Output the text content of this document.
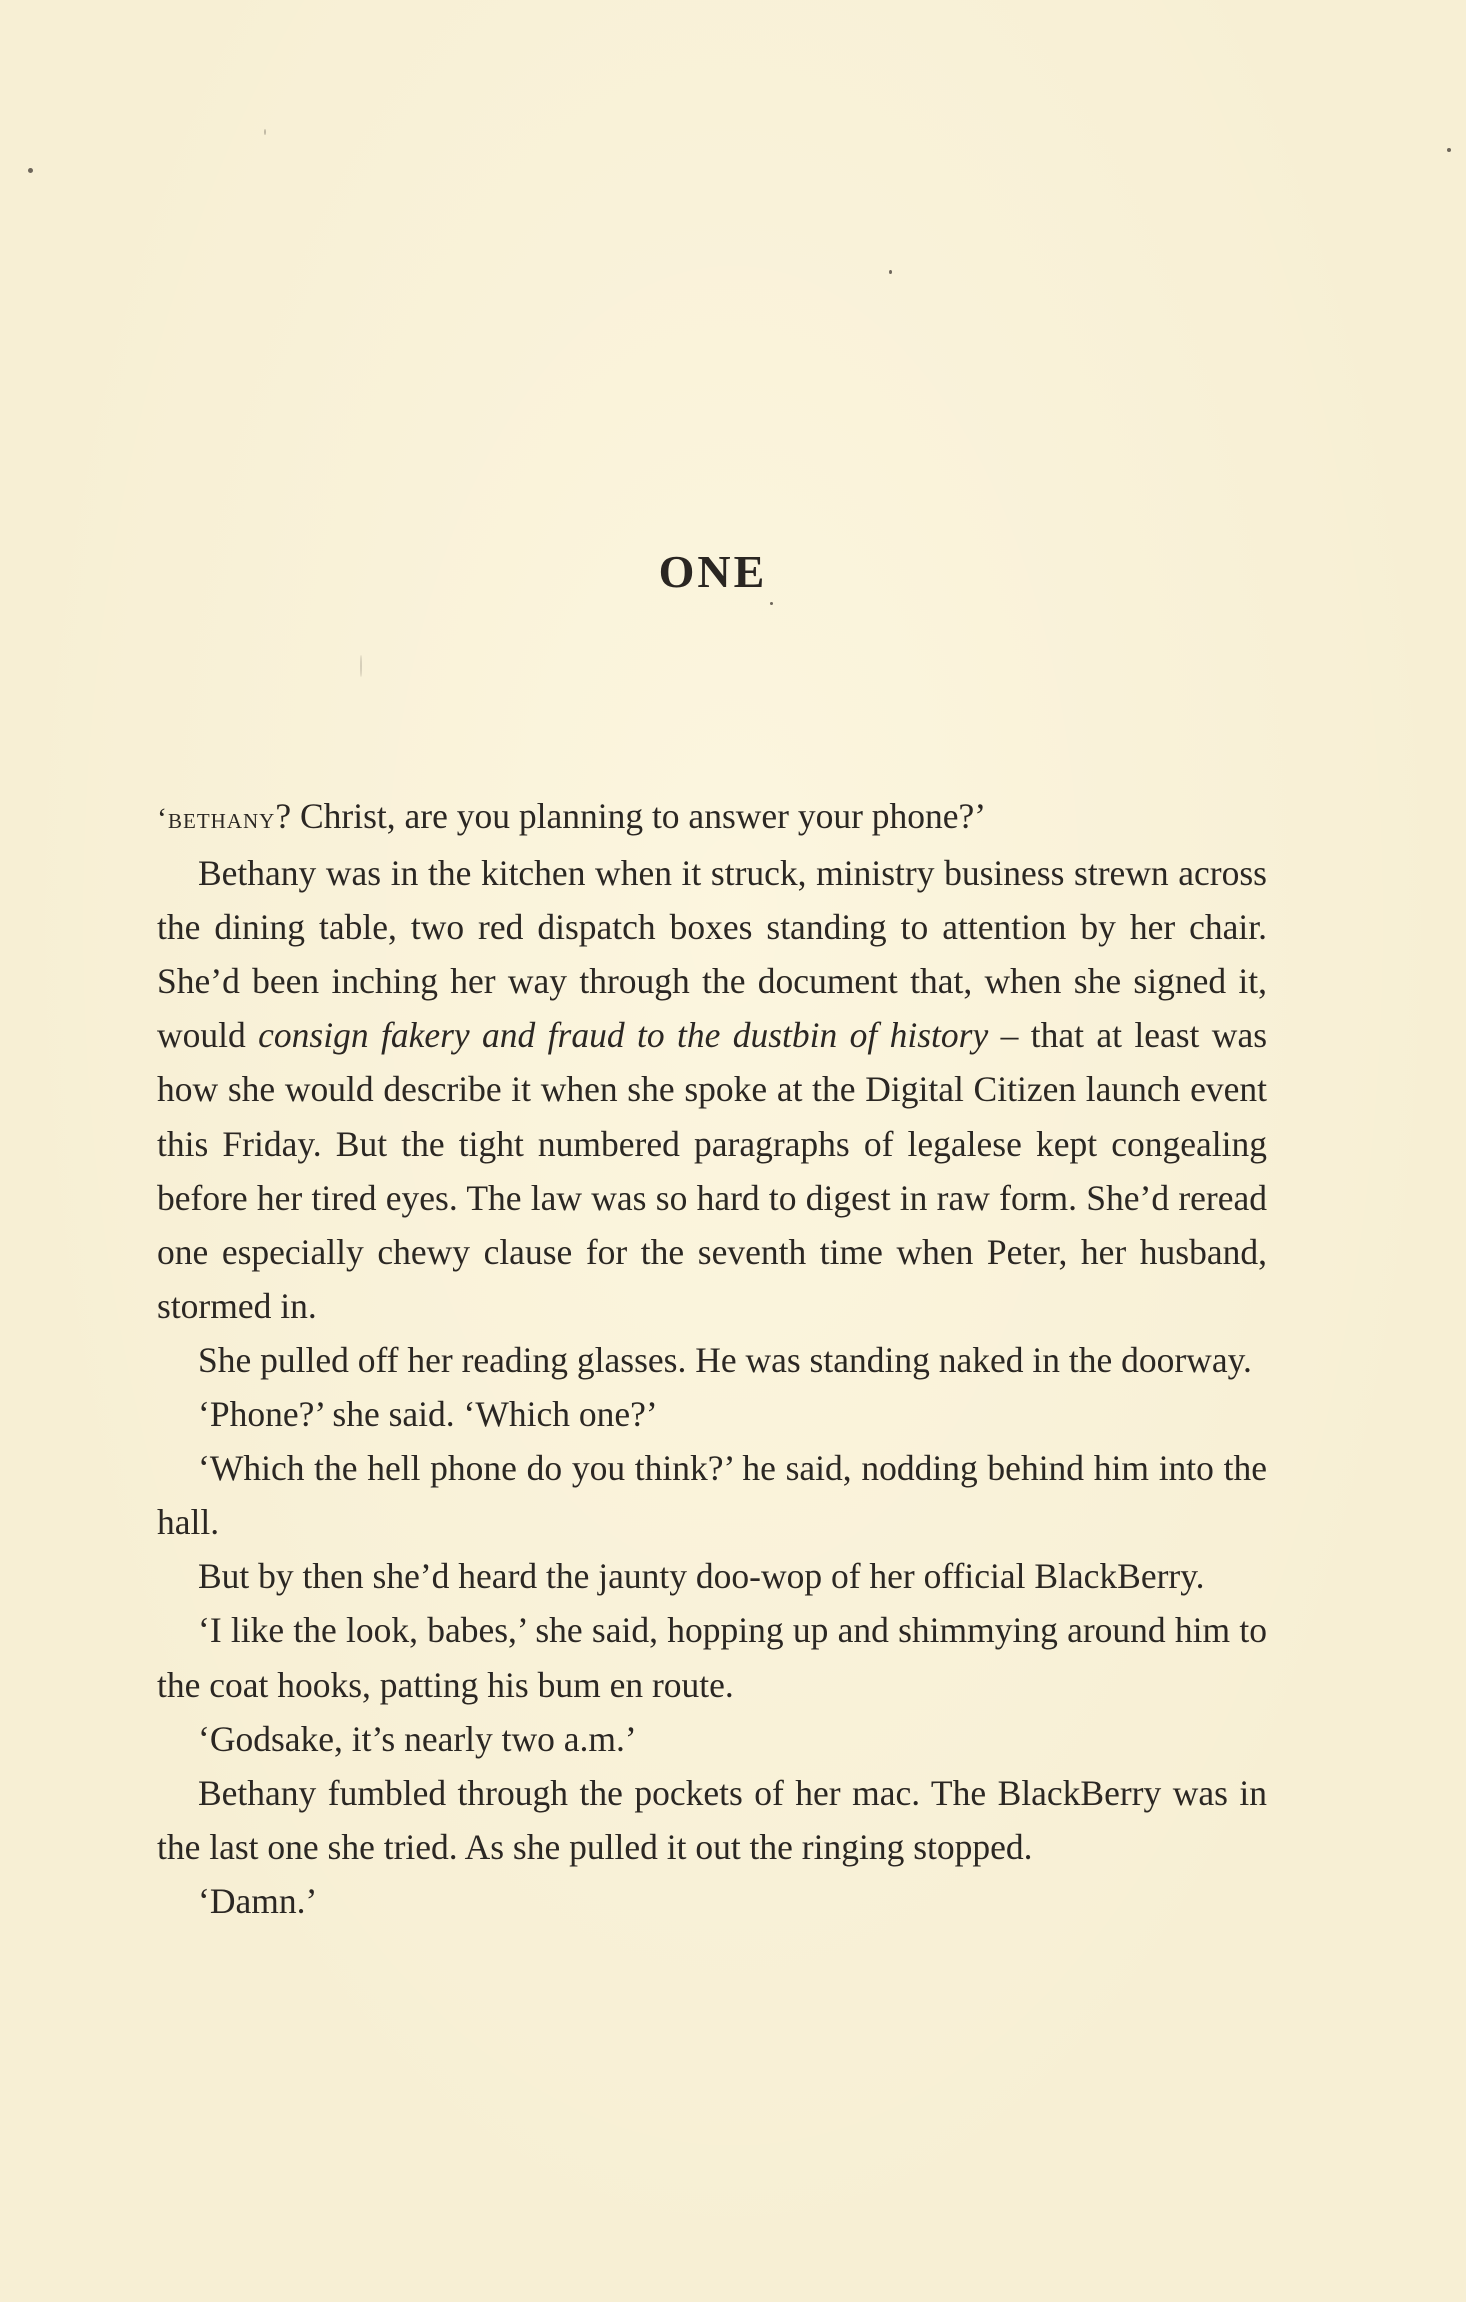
ONE

‘bethany? Christ, are you planning to answer your phone?’

Bethany was in the kitchen when it struck, ministry business strewn across the dining table, two red dispatch boxes standing to attention by her chair. She’d been inching her way through the document that, when she signed it, would consign fakery and fraud to the dustbin of history – that at least was how she would describe it when she spoke at the Digital Citizen launch event this Friday. But the tight numbered paragraphs of legalese kept congealing before her tired eyes. The law was so hard to digest in raw form. She’d reread one especially chewy clause for the seventh time when Peter, her husband, stormed in.

She pulled off her reading glasses. He was standing naked in the doorway.

‘Phone?’ she said. ‘Which one?’

‘Which the hell phone do you think?’ he said, nodding behind him into the hall.

But by then she’d heard the jaunty doo-wop of her official BlackBerry.

‘I like the look, babes,’ she said, hopping up and shimmying around him to the coat hooks, patting his bum en route.

‘Godsake, it’s nearly two a.m.’

Bethany fumbled through the pockets of her mac. The BlackBerry was in the last one she tried. As she pulled it out the ringing stopped.

‘Damn.’
